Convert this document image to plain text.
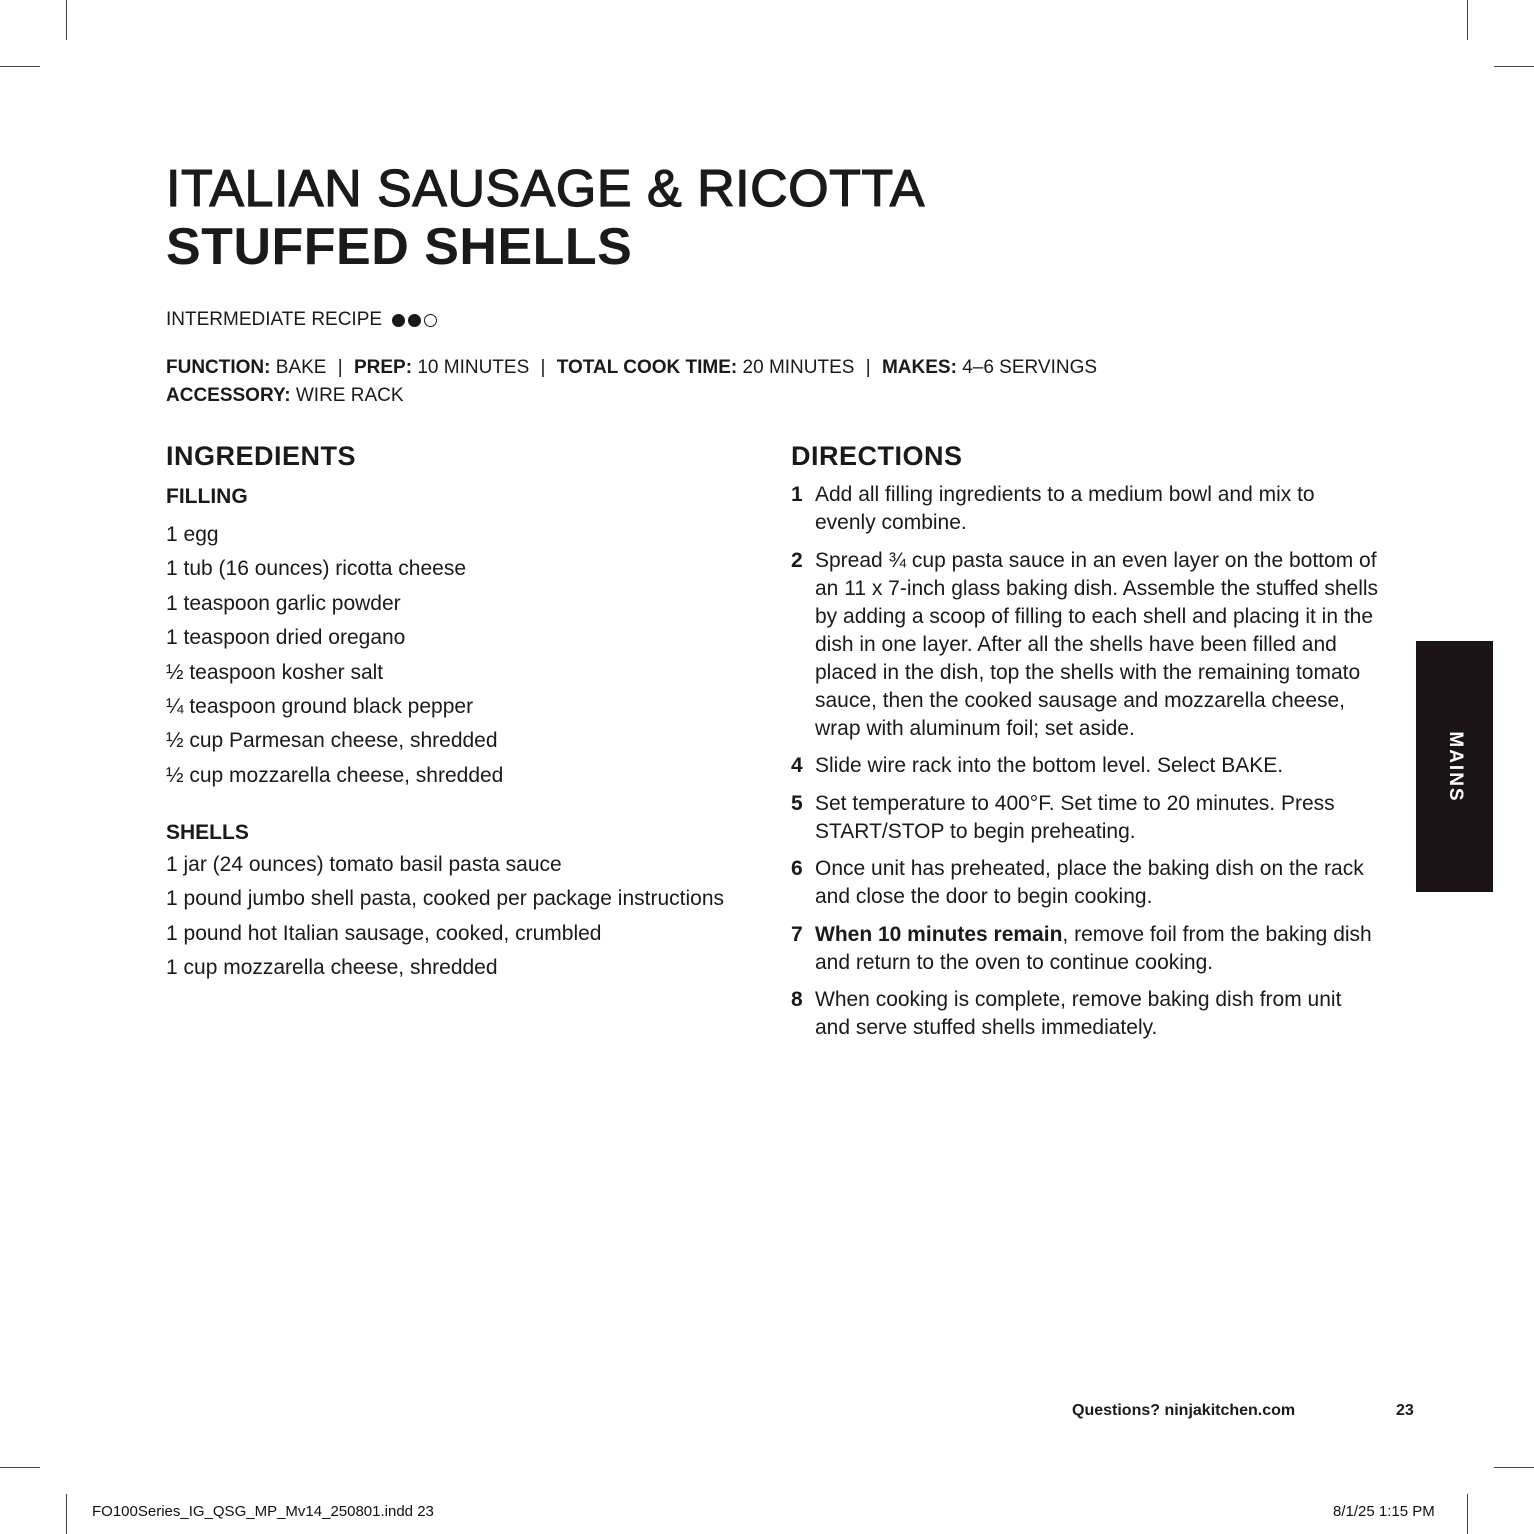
ITALIAN SAUSAGE & RICOTTA
STUFFED SHELLS
INTERMEDIATE RECIPE
FUNCTION: BAKE | PREP: 10 MINUTES | TOTAL COOK TIME: 20 MINUTES | MAKES: 4–6 SERVINGS
ACCESSORY: WIRE RACK
INGREDIENTS
FILLING
1 egg
1 tub (16 ounces) ricotta cheese
1 teaspoon garlic powder
1 teaspoon dried oregano
½ teaspoon kosher salt
¼ teaspoon ground black pepper
½ cup Parmesan cheese, shredded
½ cup mozzarella cheese, shredded
SHELLS
1 jar (24 ounces) tomato basil pasta sauce
1 pound jumbo shell pasta, cooked per package instructions
1 pound hot Italian sausage, cooked, crumbled
1 cup mozzarella cheese, shredded
DIRECTIONS
1 Add all filling ingredients to a medium bowl and mix to evenly combine.
2 Spread ¾ cup pasta sauce in an even layer on the bottom of an 11 x 7-inch glass baking dish. Assemble the stuffed shells by adding a scoop of filling to each shell and placing it in the dish in one layer. After all the shells have been filled and placed in the dish, top the shells with the remaining tomato sauce, then the cooked sausage and mozzarella cheese, wrap with aluminum foil; set aside.
4 Slide wire rack into the bottom level. Select BAKE.
5 Set temperature to 400°F. Set time to 20 minutes. Press START/STOP to begin preheating.
6 Once unit has preheated, place the baking dish on the rack and close the door to begin cooking.
7 When 10 minutes remain, remove foil from the baking dish and return to the oven to continue cooking.
8 When cooking is complete, remove baking dish from unit and serve stuffed shells immediately.
MAINS
Questions? ninjakitchen.com	23
FO100Series_IG_QSG_MP_Mv14_250801.indd 23	8/1/25 1:15 PM
